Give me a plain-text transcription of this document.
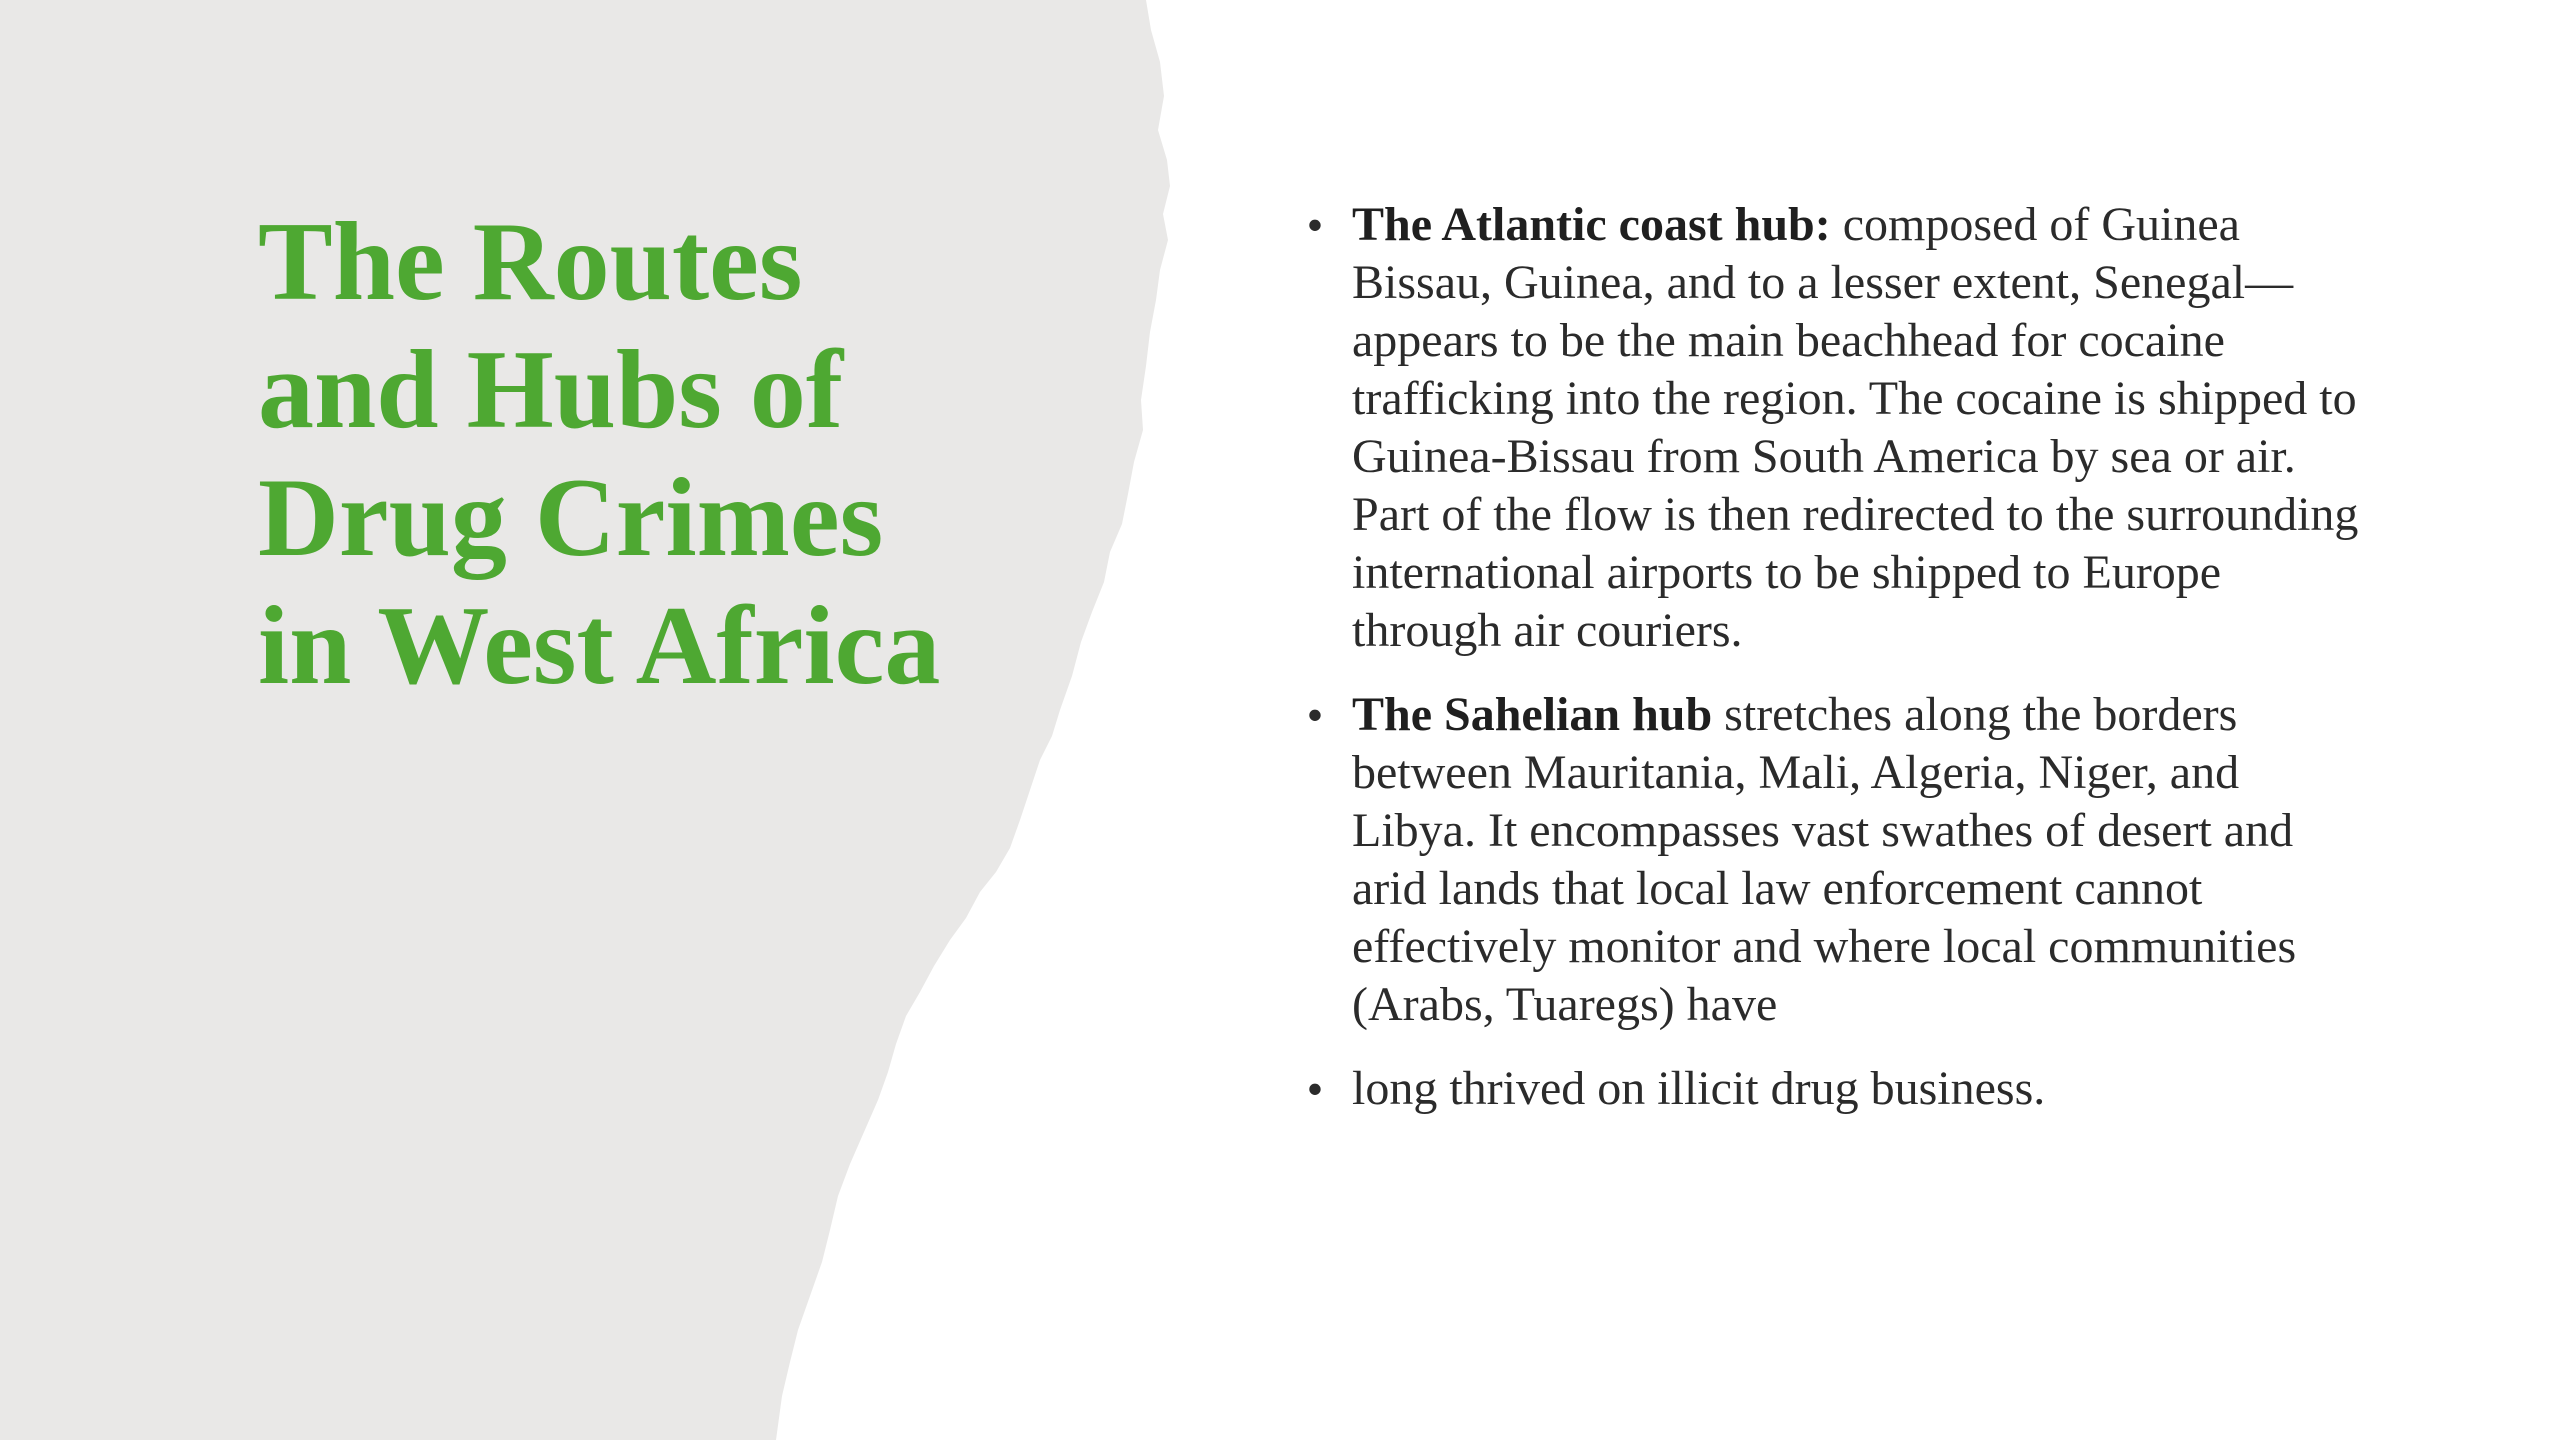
The Routes
and Hubs of
Drug Crimes
in West Africa
• The Atlantic coast hub: composed of Guinea
Bissau, Guinea, and to a lesser extent, Senegal—
appears to be the main beachhead for cocaine
trafficking into the region. The cocaine is shipped to
Guinea-Bissau from South America by sea or air.
Part of the flow is then redirected to the surrounding
international airports to be shipped to Europe
through air couriers.
• The Sahelian hub stretches along the borders
between Mauritania, Mali, Algeria, Niger, and
Libya. It encompasses vast swathes of desert and
arid lands that local law enforcement cannot
effectively monitor and where local communities
(Arabs, Tuaregs) have
• long thrived on illicit drug business.
